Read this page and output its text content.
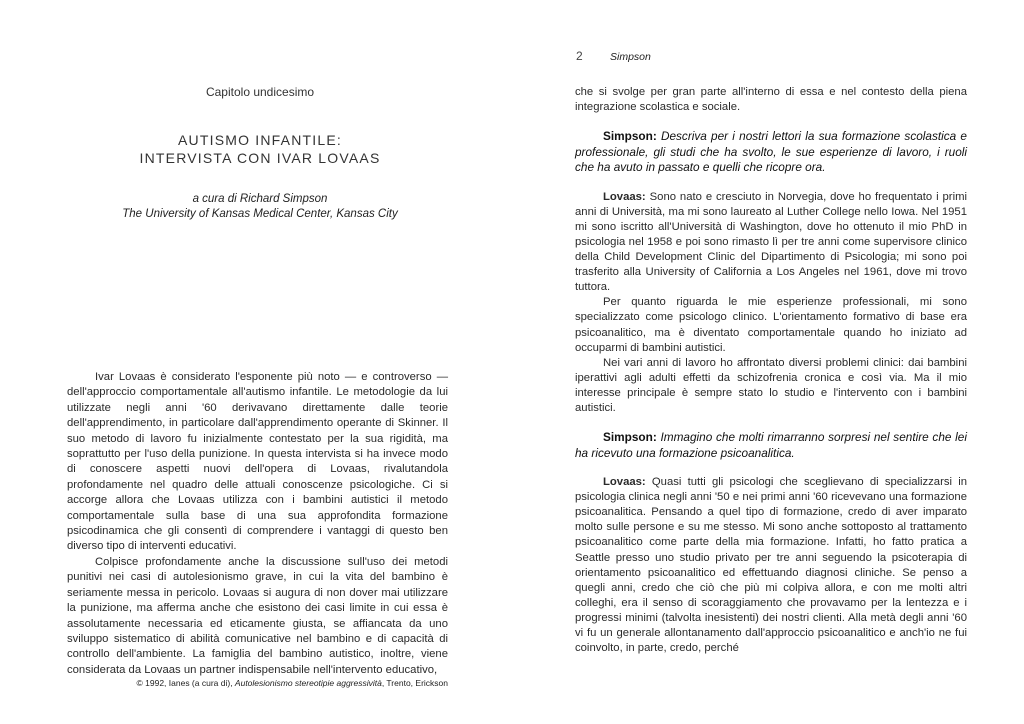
Capitolo undicesimo
AUTISMO INFANTILE:
INTERVISTA CON IVAR LOVAAS
a cura di Richard Simpson
The University of Kansas Medical Center, Kansas City

Ivar Lovaas è considerato l'esponente più noto — e controverso — dell'approccio comportamentale all'autismo infantile. Le metodologie da lui utilizzate negli anni '60 derivavano direttamente dalle teorie dell'apprendimento, in particolare dall'apprendimento operante di Skinner. Il suo metodo di lavoro fu inizialmente contestato per la sua rigidità, ma soprattutto per l'uso della punizione. In questa intervista si ha invece modo di conoscere aspetti nuovi dell'opera di Lovaas, rivalutandola profondamente nel quadro delle attuali conoscenze psicologiche. Ci si accorge allora che Lovaas utilizza con i bambini autistici il metodo comportamentale sulla base di una sua approfondita formazione psicodinamica che gli consentì di comprendere i vantaggi di questo ben diverso tipo di interventi educativi.

Colpisce profondamente anche la discussione sull'uso dei metodi punitivi nei casi di autolesionismo grave, in cui la vita del bambino è seriamente messa in pericolo. Lovaas si augura di non dover mai utilizzare la punizione, ma afferma anche che esistono dei casi limite in cui essa è assolutamente necessaria ed eticamente giusta, se affiancata da uno sviluppo sistematico di abilità comunicative nel bambino e di capacità di controllo dell'ambiente. La famiglia del bambino autistico, inoltre, viene considerata da Lovaas un partner indispensabile nell'intervento educativo,

© 1992, Ianes (a cura di), Autolesionismo stereotipie aggressività, Trento, Erickson
2	Simpson

che si svolge per gran parte all'interno di essa e nel contesto della piena integrazione scolastica e sociale.

Simpson: Descriva per i nostri lettori la sua formazione scolastica e professionale, gli studi che ha svolto, le sue esperienze di lavoro, i ruoli che ha avuto in passato e quelli che ricopre ora.

Lovaas: Sono nato e cresciuto in Norvegia, dove ho frequentato i primi anni di Università, ma mi sono laureato al Luther College nello Iowa. Nel 1951 mi sono iscritto all'Università di Washington, dove ho ottenuto il mio PhD in psicologia nel 1958 e poi sono rimasto lì per tre anni come supervisore clinico della Child Development Clinic del Dipartimento di Psicologia; mi sono poi trasferito alla University of California a Los Angeles nel 1961, dove mi trovo tuttora.

Per quanto riguarda le mie esperienze professionali, mi sono specializzato come psicologo clinico. L'orientamento formativo di base era psicoanalitico, ma è diventato comportamentale quando ho iniziato ad occuparmi di bambini autistici.

Nei vari anni di lavoro ho affrontato diversi problemi clinici: dai bambini iperattivi agli adulti effetti da schizofrenia cronica e così via. Ma il mio interesse principale è sempre stato lo studio e l'intervento con i bambini autistici.

Simpson: Immagino che molti rimarranno sorpresi nel sentire che lei ha ricevuto una formazione psicoanalitica.

Lovaas: Quasi tutti gli psicologi che sceglievano di specializzarsi in psicologia clinica negli anni '50 e nei primi anni '60 ricevevano una formazione psicoanalitica. Pensando a quel tipo di formazione, credo di aver imparato molto sulle persone e su me stesso. Mi sono anche sottoposto al trattamento psicoanalitico come parte della mia formazione. Infatti, ho fatto pratica a Seattle presso uno studio privato per tre anni seguendo la psicoterapia di orientamento psicoanalitico ed effettuando diagnosi cliniche. Se penso a quegli anni, credo che ciò che più mi colpiva allora, e con me molti altri colleghi, era il senso di scoraggiamento che provavamo per la lentezza e i progressi minimi (talvolta inesistenti) dei nostri clienti. Alla metà degli anni '60 vi fu un generale allontanamento dall'approccio psicoanalitico e anch'io ne fui coinvolto, in parte, credo, perché
